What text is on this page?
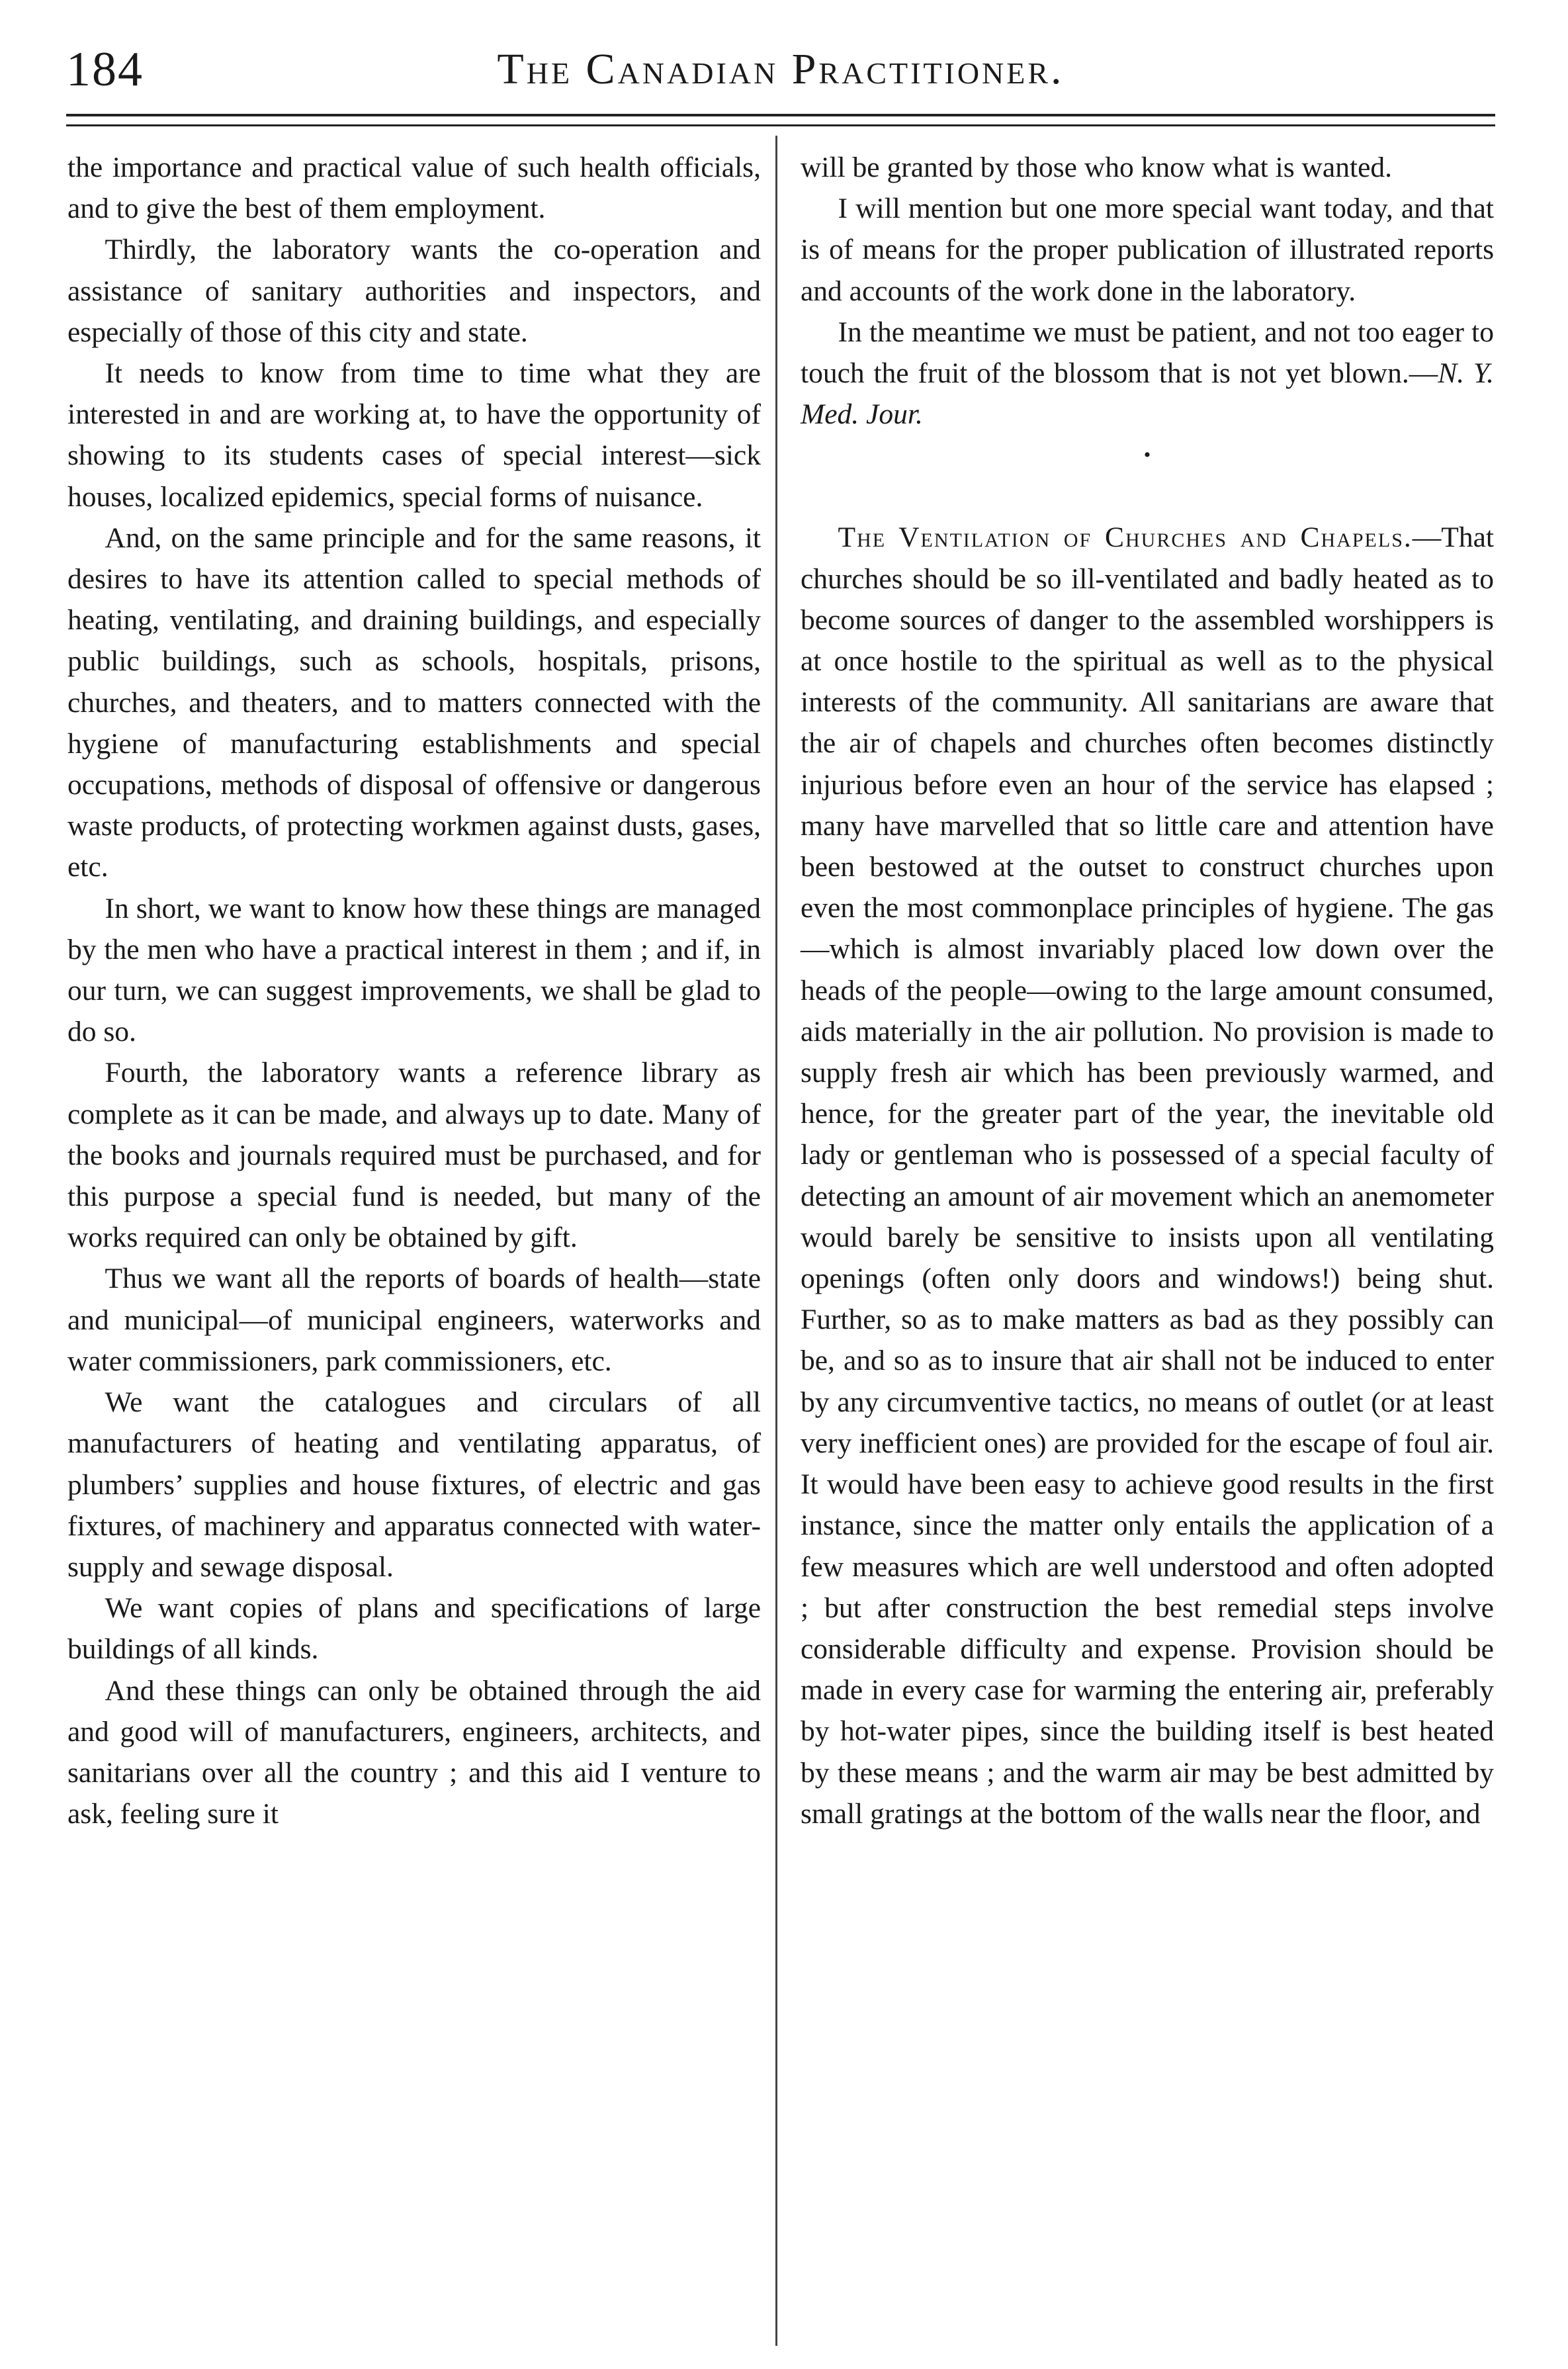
184	The Canadian Practitioner.

the importance and practical value of such health officials, and to give the best of them employment.

Thirdly, the laboratory wants the co-operation and assistance of sanitary authorities and inspectors, and especially of those of this city and state.

It needs to know from time to time what they are interested in and are working at, to have the opportunity of showing to its students cases of special interest—sick houses, localized epidemics, special forms of nuisance.

And, on the same principle and for the same reasons, it desires to have its attention called to special methods of heating, ventilating, and draining buildings, and especially public buildings, such as schools, hospitals, prisons, churches, and theaters, and to matters connected with the hygiene of manufacturing establishments and special occupations, methods of disposal of offensive or dangerous waste products, of protecting workmen against dusts, gases, etc.

In short, we want to know how these things are managed by the men who have a practical interest in them ; and if, in our turn, we can suggest improvements, we shall be glad to do so.

Fourth, the laboratory wants a reference library as complete as it can be made, and always up to date. Many of the books and journals required must be purchased, and for this purpose a special fund is needed, but many of the works required can only be obtained by gift.

Thus we want all the reports of boards of health—state and municipal—of municipal engineers, waterworks and water commissioners, park commissioners, etc.

We want the catalogues and circulars of all manufacturers of heating and ventilating apparatus, of plumbers’ supplies and house fixtures, of electric and gas fixtures, of machinery and apparatus connected with water-supply and sewage disposal.

We want copies of plans and specifications of large buildings of all kinds.

And these things can only be obtained through the aid and good will of manufacturers, engineers, architects, and sanitarians over all the country ; and this aid I venture to ask, feeling sure it

will be granted by those who know what is wanted.

I will mention but one more special want today, and that is of means for the proper publication of illustrated reports and accounts of the work done in the laboratory.

In the meantime we must be patient, and not too eager to touch the fruit of the blossom that is not yet blown.—N. Y. Med. Jour.

•

The Ventilation of Churches and Chapels.—That churches should be so ill-ventilated and badly heated as to become sources of danger to the assembled worshippers is at once hostile to the spiritual as well as to the physical interests of the community. All sanitarians are aware that the air of chapels and churches often becomes distinctly injurious before even an hour of the service has elapsed ; many have marvelled that so little care and attention have been bestowed at the outset to construct churches upon even the most commonplace principles of hygiene. The gas—which is almost invariably placed low down over the heads of the people—owing to the large amount consumed, aids materially in the air pollution. No provision is made to supply fresh air which has been previously warmed, and hence, for the greater part of the year, the inevitable old lady or gentleman who is possessed of a special faculty of detecting an amount of air movement which an anemometer would barely be sensitive to insists upon all ventilating openings (often only doors and windows!) being shut. Further, so as to make matters as bad as they possibly can be, and so as to insure that air shall not be induced to enter by any circumventive tactics, no means of outlet (or at least very inefficient ones) are provided for the escape of foul air. It would have been easy to achieve good results in the first instance, since the matter only entails the application of a few measures which are well understood and often adopted ; but after construction the best remedial steps involve considerable difficulty and expense. Provision should be made in every case for warming the entering air, preferably by hot-water pipes, since the building itself is best heated by these means ; and the warm air may be best admitted by small gratings at the bottom of the walls near the floor, and
